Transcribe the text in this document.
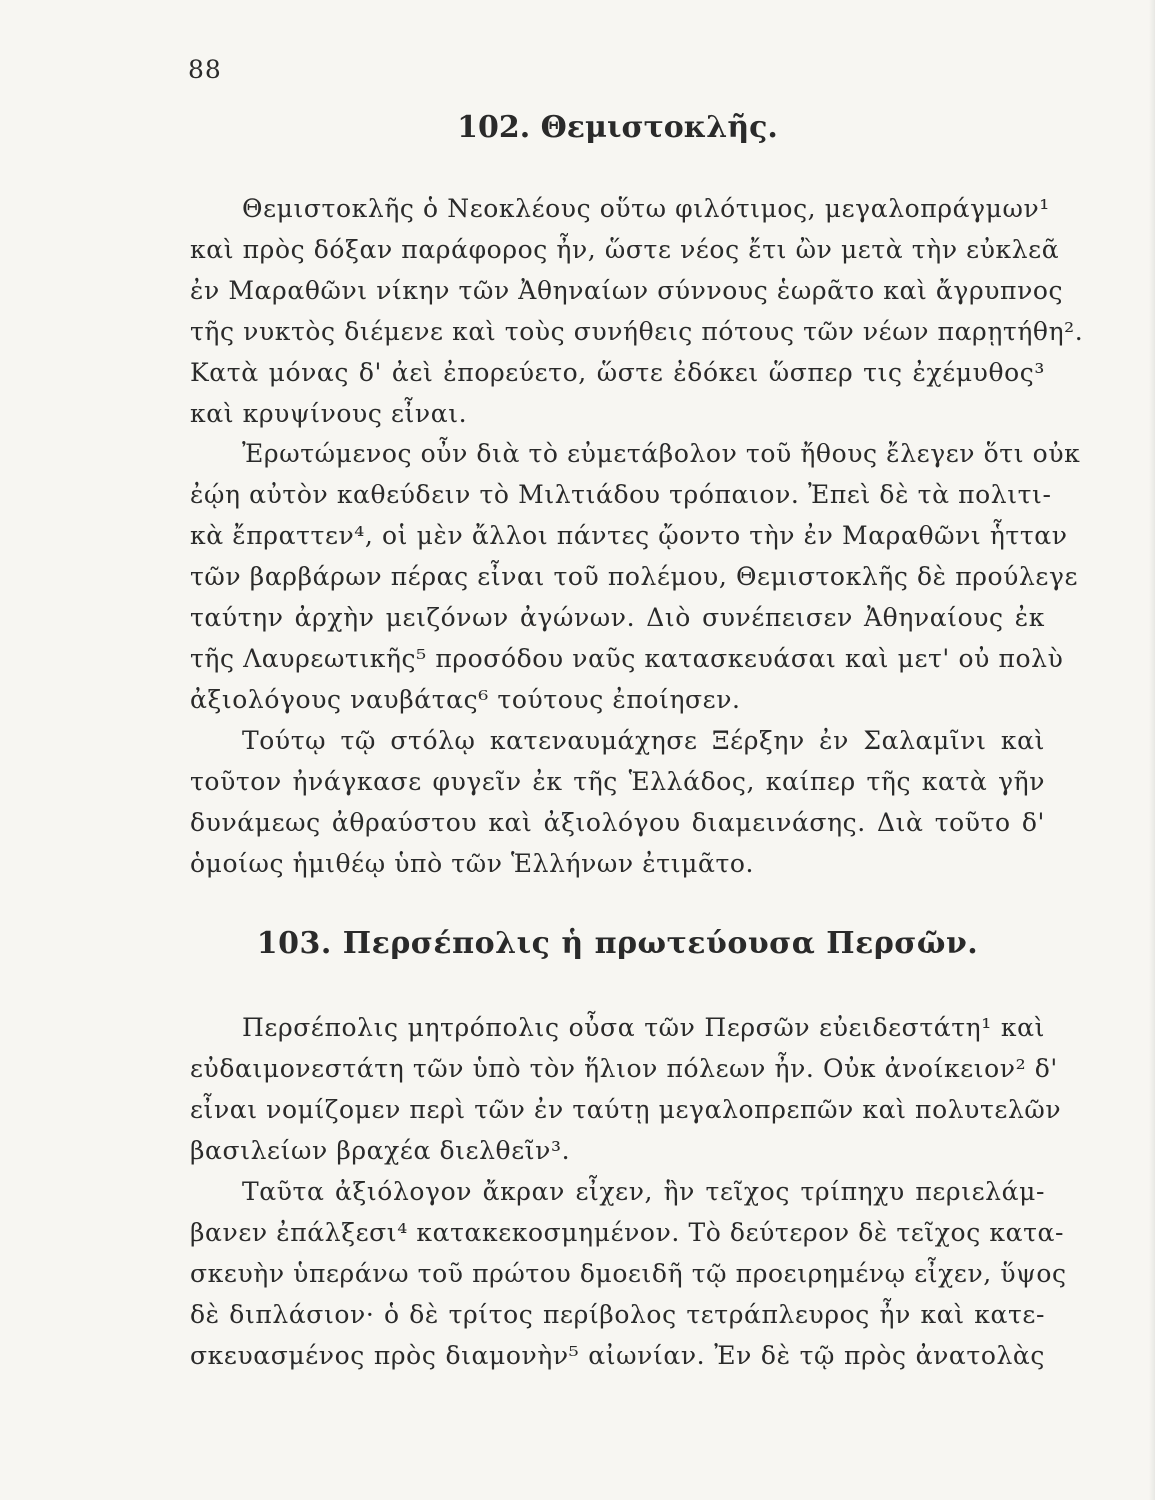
88
102. Θεμιστοκλῆς.
Θεμιστοκλῆς ὁ Νεοκλέους οὕτω φιλότιμος, μεγαλοπράγμων¹
καὶ πρὸς δόξαν παράφορος ἦν, ὥστε νέος ἔτι ὢν μετὰ τὴν εὐκλεᾶ
ἐν Μαραθῶνι νίκην τῶν Ἀθηναίων σύννους ἑωρᾶτο καὶ ἄγρυπνος
τῆς νυκτὸς διέμενε καὶ τοὺς συνήθεις πότους τῶν νέων παρῃτήθη².
Κατὰ μόνας δ' ἀεὶ ἐπορεύετο, ὥστε ἐδόκει ὥσπερ τις ἐχέμυθος³
καὶ κρυψίνους εἶναι.
Ἐρωτώμενος οὖν διὰ τὸ εὐμετάβολον τοῦ ἤθους ἔλεγεν ὅτι οὐκ
ἐῴη αὐτὸν καθεύδειν τὸ Μιλτιάδου τρόπαιον. Ἐπεὶ δὲ τὰ πολιτι-
κὰ ἔπραττεν⁴, οἱ μὲν ἄλλοι πάντες ᾤοντο τὴν ἐν Μαραθῶνι ἧτταν
τῶν βαρβάρων πέρας εἶναι τοῦ πολέμου, Θεμιστοκλῆς δὲ προύλεγε
ταύτην ἀρχὴν μειζόνων ἀγώνων. Διὸ συνέπεισεν Ἀθηναίους ἐκ
τῆς Λαυρεωτικῆς⁵ προσόδου ναῦς κατασκευάσαι καὶ μετ' οὐ πολὺ
ἀξιολόγους ναυβάτας⁶ τούτους ἐποίησεν.
Τούτῳ τῷ στόλῳ κατεναυμάχησε Ξέρξην ἐν Σαλαμῖνι καὶ
τοῦτον ἠνάγκασε φυγεῖν ἐκ τῆς Ἑλλάδος, καίπερ τῆς κατὰ γῆν
δυνάμεως ἀθραύστου καὶ ἀξιολόγου διαμεινάσης. Διὰ τοῦτο δ'
ὁμοίως ἡμιθέῳ ὑπὸ τῶν Ἑλλήνων ἐτιμᾶτο.
103. Περσέπολις ἡ πρωτεύουσα Περσῶν.
Περσέπολις μητρόπολις οὖσα τῶν Περσῶν εὐειδεστάτη¹ καὶ
εὐδαιμονεστάτη τῶν ὑπὸ τὸν ἥλιον πόλεων ἦν. Οὐκ ἀνοίκειον² δ'
εἶναι νομίζομεν περὶ τῶν ἐν ταύτῃ μεγαλοπρεπῶν καὶ πολυτελῶν
βασιλείων βραχέα διελθεῖν³.
Ταῦτα ἀξιόλογον ἄκραν εἶχεν, ἣν τεῖχος τρίπηχυ περιελάμ-
βανεν ἐπάλξεσι⁴ κατακεκοσμημένον. Τὸ δεύτερον δὲ τεῖχος κατα-
σκευὴν ὑπεράνω τοῦ πρώτου δμοειδῆ τῷ προειρημένῳ εἶχεν, ὕψος
δὲ διπλάσιον· ὁ δὲ τρίτος περίβολος τετράπλευρος ἦν καὶ κατε-
σκευασμένος πρὸς διαμονὴν⁵ αἰωνίαν. Ἐν δὲ τῷ πρὸς ἀνατολὰς
